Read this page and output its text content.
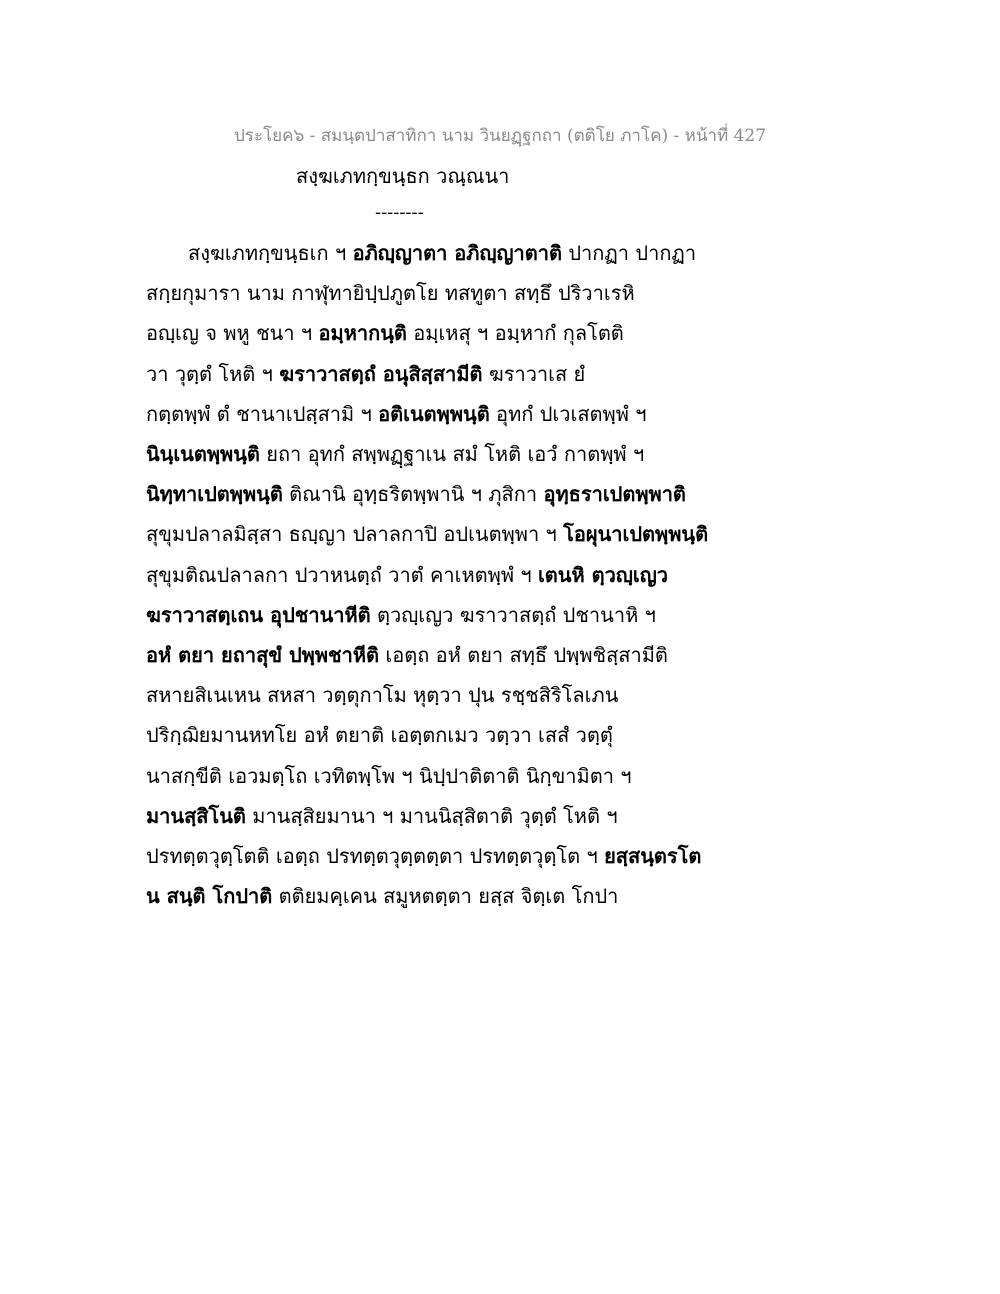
ประโยค๖ - สมนฺตปาสาทิกา นาม วินยฏฺฐกถา (ตติโย ภาโค) - หน้าที่ 427
สงฺฆเภทกฺขนฺธก วณฺณนา
--------
สงฺฆเภทกฺขนฺธเก ฯ อภิญฺญาตา อภิญฺญาตาติ ปากฏา ปากฏา
สกฺยกุมารา นาม กาฬุทายิปฺปภูตโย ทสทูตา สทฺธึ ปริวาเรหิ
อญฺเญ จ พหู ชนา ฯ อมฺหากนฺติ อมฺเหสุ ฯ อมฺหากํ กุลโตติ
วา วุตฺตํ โหติ ฯ ฆราวาสตฺถํ อนุสิสฺสามีติ ฆราวาเส ยํ
กตฺตพฺพํ ตํ ชานาเปสฺสามิ ฯ อติเนตพฺพนฺติ อุทกํ ปเวเสตพฺพํ ฯ
นินฺเนตพฺพนฺติ ยถา อุทกํ สพฺพฏฺฐาเน สมํ โหติ เอวํ กาตพฺพํ ฯ
นิทฺทาเปตพฺพนฺติ ติณานิ อุทฺธริตพฺพานิ ฯ ภุสิกา อุทฺธราเปตพฺพาติ
สุขุมปลาลมิสฺสา ธญฺญา ปลาลกาปิ อปเนตพฺพา ฯ โอผุนาเปตพฺพนฺติ
สุขุมติณปลาลกา ปวาหนตฺถํ วาตํ คาเหตพฺพํ ฯ เตนหิ ตฺวญฺเญว
ฆราวาสตฺเถน อุปชานาหีติ ตฺวญฺเญว ฆราวาสตฺถํ ปชานาหิ ฯ
อหํ ตยา ยถาสุขํ ปพฺพชาหีติ เอตฺถ อหํ ตยา สทฺธึ ปพฺพชิสฺสามีติ
สหายสิเนเหน สหสา วตฺตุกาโม หุตฺวา ปุน รชฺชสิริโลเภน
ปริกฺฌิยมานหทโย อหํ ตยาติ เอตฺตกเมว วตฺวา เสสํ วตฺตุํ
นาสกฺขีติ เอวมตฺโถ เวทิตพฺโพ ฯ นิปฺปาติตาติ นิกฺขามิตา ฯ
มานสฺสิโนติ มานสฺสิยมานา ฯ มานนิสฺสิตาติ วุตฺตํ โหติ ฯ
ปรทตฺตวุตฺโตติ เอตฺถ ปรทตฺตวุตฺตตฺตา ปรทตฺตวุตฺโต ฯ ยสฺสนฺตรโต
น สนฺติ โกปาติ ตติยมคฺเคน สมูหตตฺตา ยสฺส จิตฺเต โกปา
